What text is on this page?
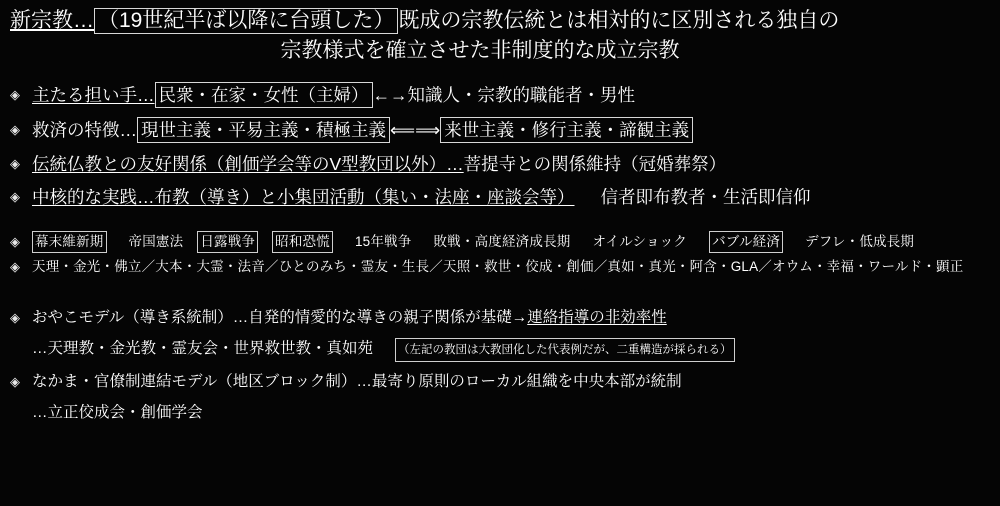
新宗教… （19世紀半ば以降に台頭した） 既成の宗教伝統とは相対的に区別される独自の
宗教様式を確立させた非制度的な成立宗教
◈ 主たる担い手… 民衆・在家・女性（主婦） ←→知識人・宗教的職能者・男性
◈ 救済の特徴… 現世主義・平易主義・積極主義 ⟸⟹ 来世主義・修行主義・諦観主義
◈ 伝統仏教との友好関係（創価学会等のV型教団以外）…菩提寺との関係維持（冠婚葬祭）
◈ 中核的な実践…布教（導き）と小集団活動（集い・法座・座談会等） 信者即布教者・生活即信仰
◈	幕末維新期 帝国憲法 日露戦争 昭和恐慌 15年戦争 敗戦・高度経済成長期 オイルショック バブル経済 デフレ・低成長期
◈ 天理・金光・佛立／大本・大霊・法音／ひとのみち・霊友・生長／天照・救世・佼成・創価／真如・真光・阿含・GLA／オウム・幸福・ワールド・顕正
◈ おやこモデル（導き系統制）…自発的情愛的な導きの親子関係が基礎→連絡指導の非効率性
…天理教・金光教・霊友会・世界救世教・真如苑 （左記の教団は大教団化した代表例だが、二重構造が採られる）
◈ なかま・官僚制連結モデル（地区ブロック制）…最寄り原則のローカル組織を中央本部が統制
…立正佼成会・創価学会
